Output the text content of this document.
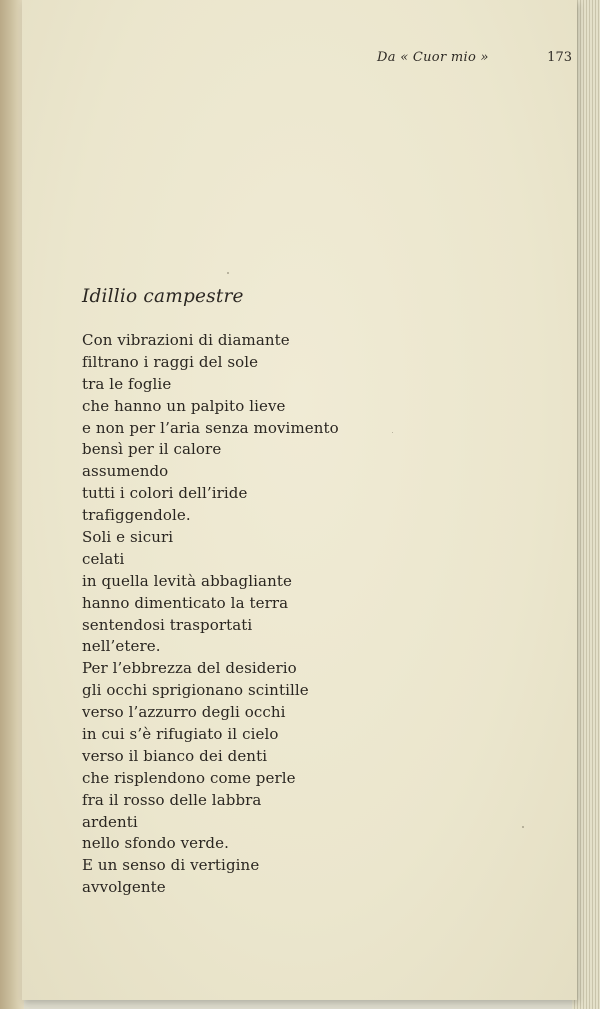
Da « Cuor mio »	173
Idillio campestre
Con vibrazioni di diamante
filtrano i raggi del sole
tra le foglie
che hanno un palpito lieve
e non per l’aria senza movimento
bensì per il calore
assumendo
tutti i colori dell’iride
trafiggendole.
Soli e sicuri
celati
in quella levità abbagliante
hanno dimenticato la terra
sentendosi trasportati
nell’etere.
Per l’ebbrezza del desiderio
gli occhi sprigionano scintille
verso l’azzurro degli occhi
in cui s’è rifugiato il cielo
verso il bianco dei denti
che risplendono come perle
fra il rosso delle labbra
ardenti
nello sfondo verde.
E un senso di vertigine
avvolgente
